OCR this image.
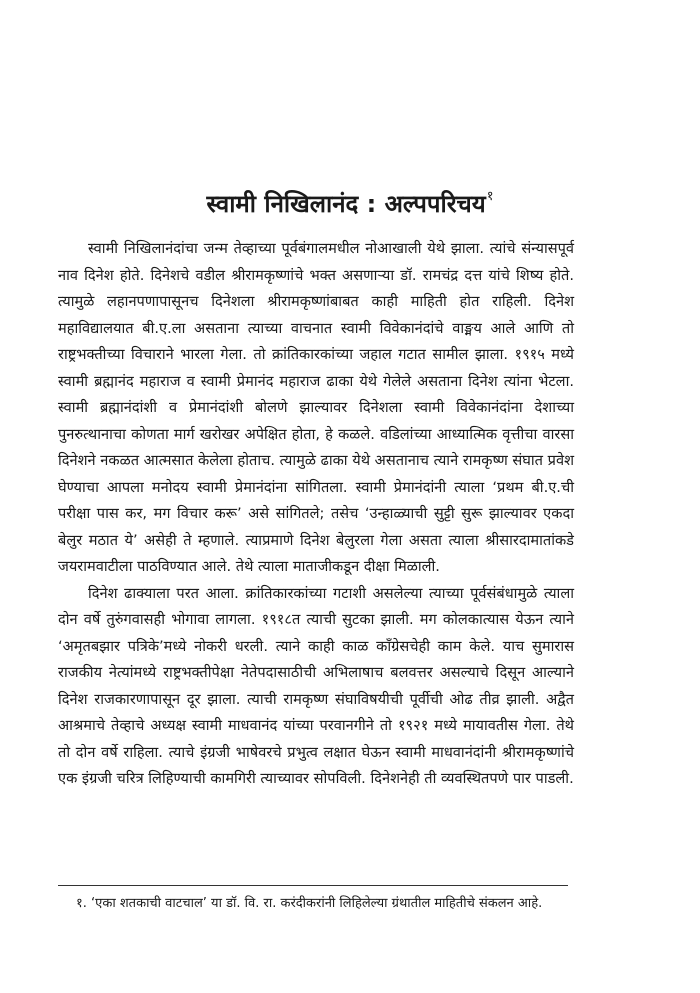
स्वामी निखिलानंद : अल्पपरिचय$^१$

स्वामी निखिलानंदांचा जन्म तेव्हाच्या पूर्वबंगालमधील नोआखाली येथे झाला. त्यांचे संन्यासपूर्व नाव दिनेश होते. दिनेशचे वडील श्रीरामकृष्णांचे भक्त असणाऱ्या डॉ. रामचंद्र दत्त यांचे शिष्य होते. त्यामुळे लहानपणापासूनच दिनेशला श्रीरामकृष्णांबाबत काही माहिती होत राहिली. दिनेश महाविद्यालयात बी.ए.ला असताना त्याच्या वाचनात स्वामी विवेकानंदांचे वाङ्मय आले आणि तो राष्ट्रभक्तीच्या विचाराने भारला गेला. तो क्रांतिकारकांच्या जहाल गटात सामील झाला. १९१५ मध्ये स्वामी ब्रह्मानंद महाराज व स्वामी प्रेमानंद महाराज ढाका येथे गेलेले असताना दिनेश त्यांना भेटला. स्वामी ब्रह्मानंदांशी व प्रेमानंदांशी बोलणे झाल्यावर दिनेशला स्वामी विवेकानंदांना देशाच्या पुनरुत्थानाचा कोणता मार्ग खरोखर अपेक्षित होता, हे कळले. वडिलांच्या आध्यात्मिक वृत्तीचा वारसा दिनेशने नकळत आत्मसात केलेला होताच. त्यामुळे ढाका येथे असतानाच त्याने रामकृष्ण संघात प्रवेश घेण्याचा आपला मनोदय स्वामी प्रेमानंदांना सांगितला. स्वामी प्रेमानंदांनी त्याला ‘प्रथम बी.ए.ची परीक्षा पास कर, मग विचार करू’ असे सांगितले; तसेच ‘उन्हाळ्याची सुट्टी सुरू झाल्यावर एकदा बेलुर मठात ये’ असेही ते म्हणाले. त्याप्रमाणे दिनेश बेलुरला गेला असता त्याला श्रीसारदामातांकडे जयरामवाटीला पाठविण्यात आले. तेथे त्याला माताजीकडून दीक्षा मिळाली.

दिनेश ढाक्याला परत आला. क्रांतिकारकांच्या गटाशी असलेल्या त्याच्या पूर्वसंबंधामुळे त्याला दोन वर्षे तुरुंगवासही भोगावा लागला. १९१८त त्याची सुटका झाली. मग कोलकात्यास येऊन त्याने ‘अमृतबझार पत्रिके’मध्ये नोकरी धरली. त्याने काही काळ काँग्रेसचेही काम केले. याच सुमारास राजकीय नेत्यांमध्ये राष्ट्रभक्तीपेक्षा नेतेपदासाठीची अभिलाषाच बलवत्तर असल्याचे दिसून आल्याने दिनेश राजकारणापासून दूर झाला. त्याची रामकृष्ण संघाविषयीची पूर्वीची ओढ तीव्र झाली. अद्वैत आश्रमाचे तेव्हाचे अध्यक्ष स्वामी माधवानंद यांच्या परवानगीने तो १९२१ मध्ये मायावतीस गेला. तेथे तो दोन वर्षे राहिला. त्याचे इंग्रजी भाषेवरचे प्रभुत्व लक्षात घेऊन स्वामी माधवानंदांनी श्रीरामकृष्णांचे एक इंग्रजी चरित्र लिहिण्याची कामगिरी त्याच्यावर सोपविली. दिनेशनेही ती व्यवस्थितपणे पार पाडली.

१. ‘एका शतकाची वाटचाल’ या डॉ. वि. रा. करंदीकरांनी लिहिलेल्या ग्रंथातील माहितीचे संकलन आहे.
